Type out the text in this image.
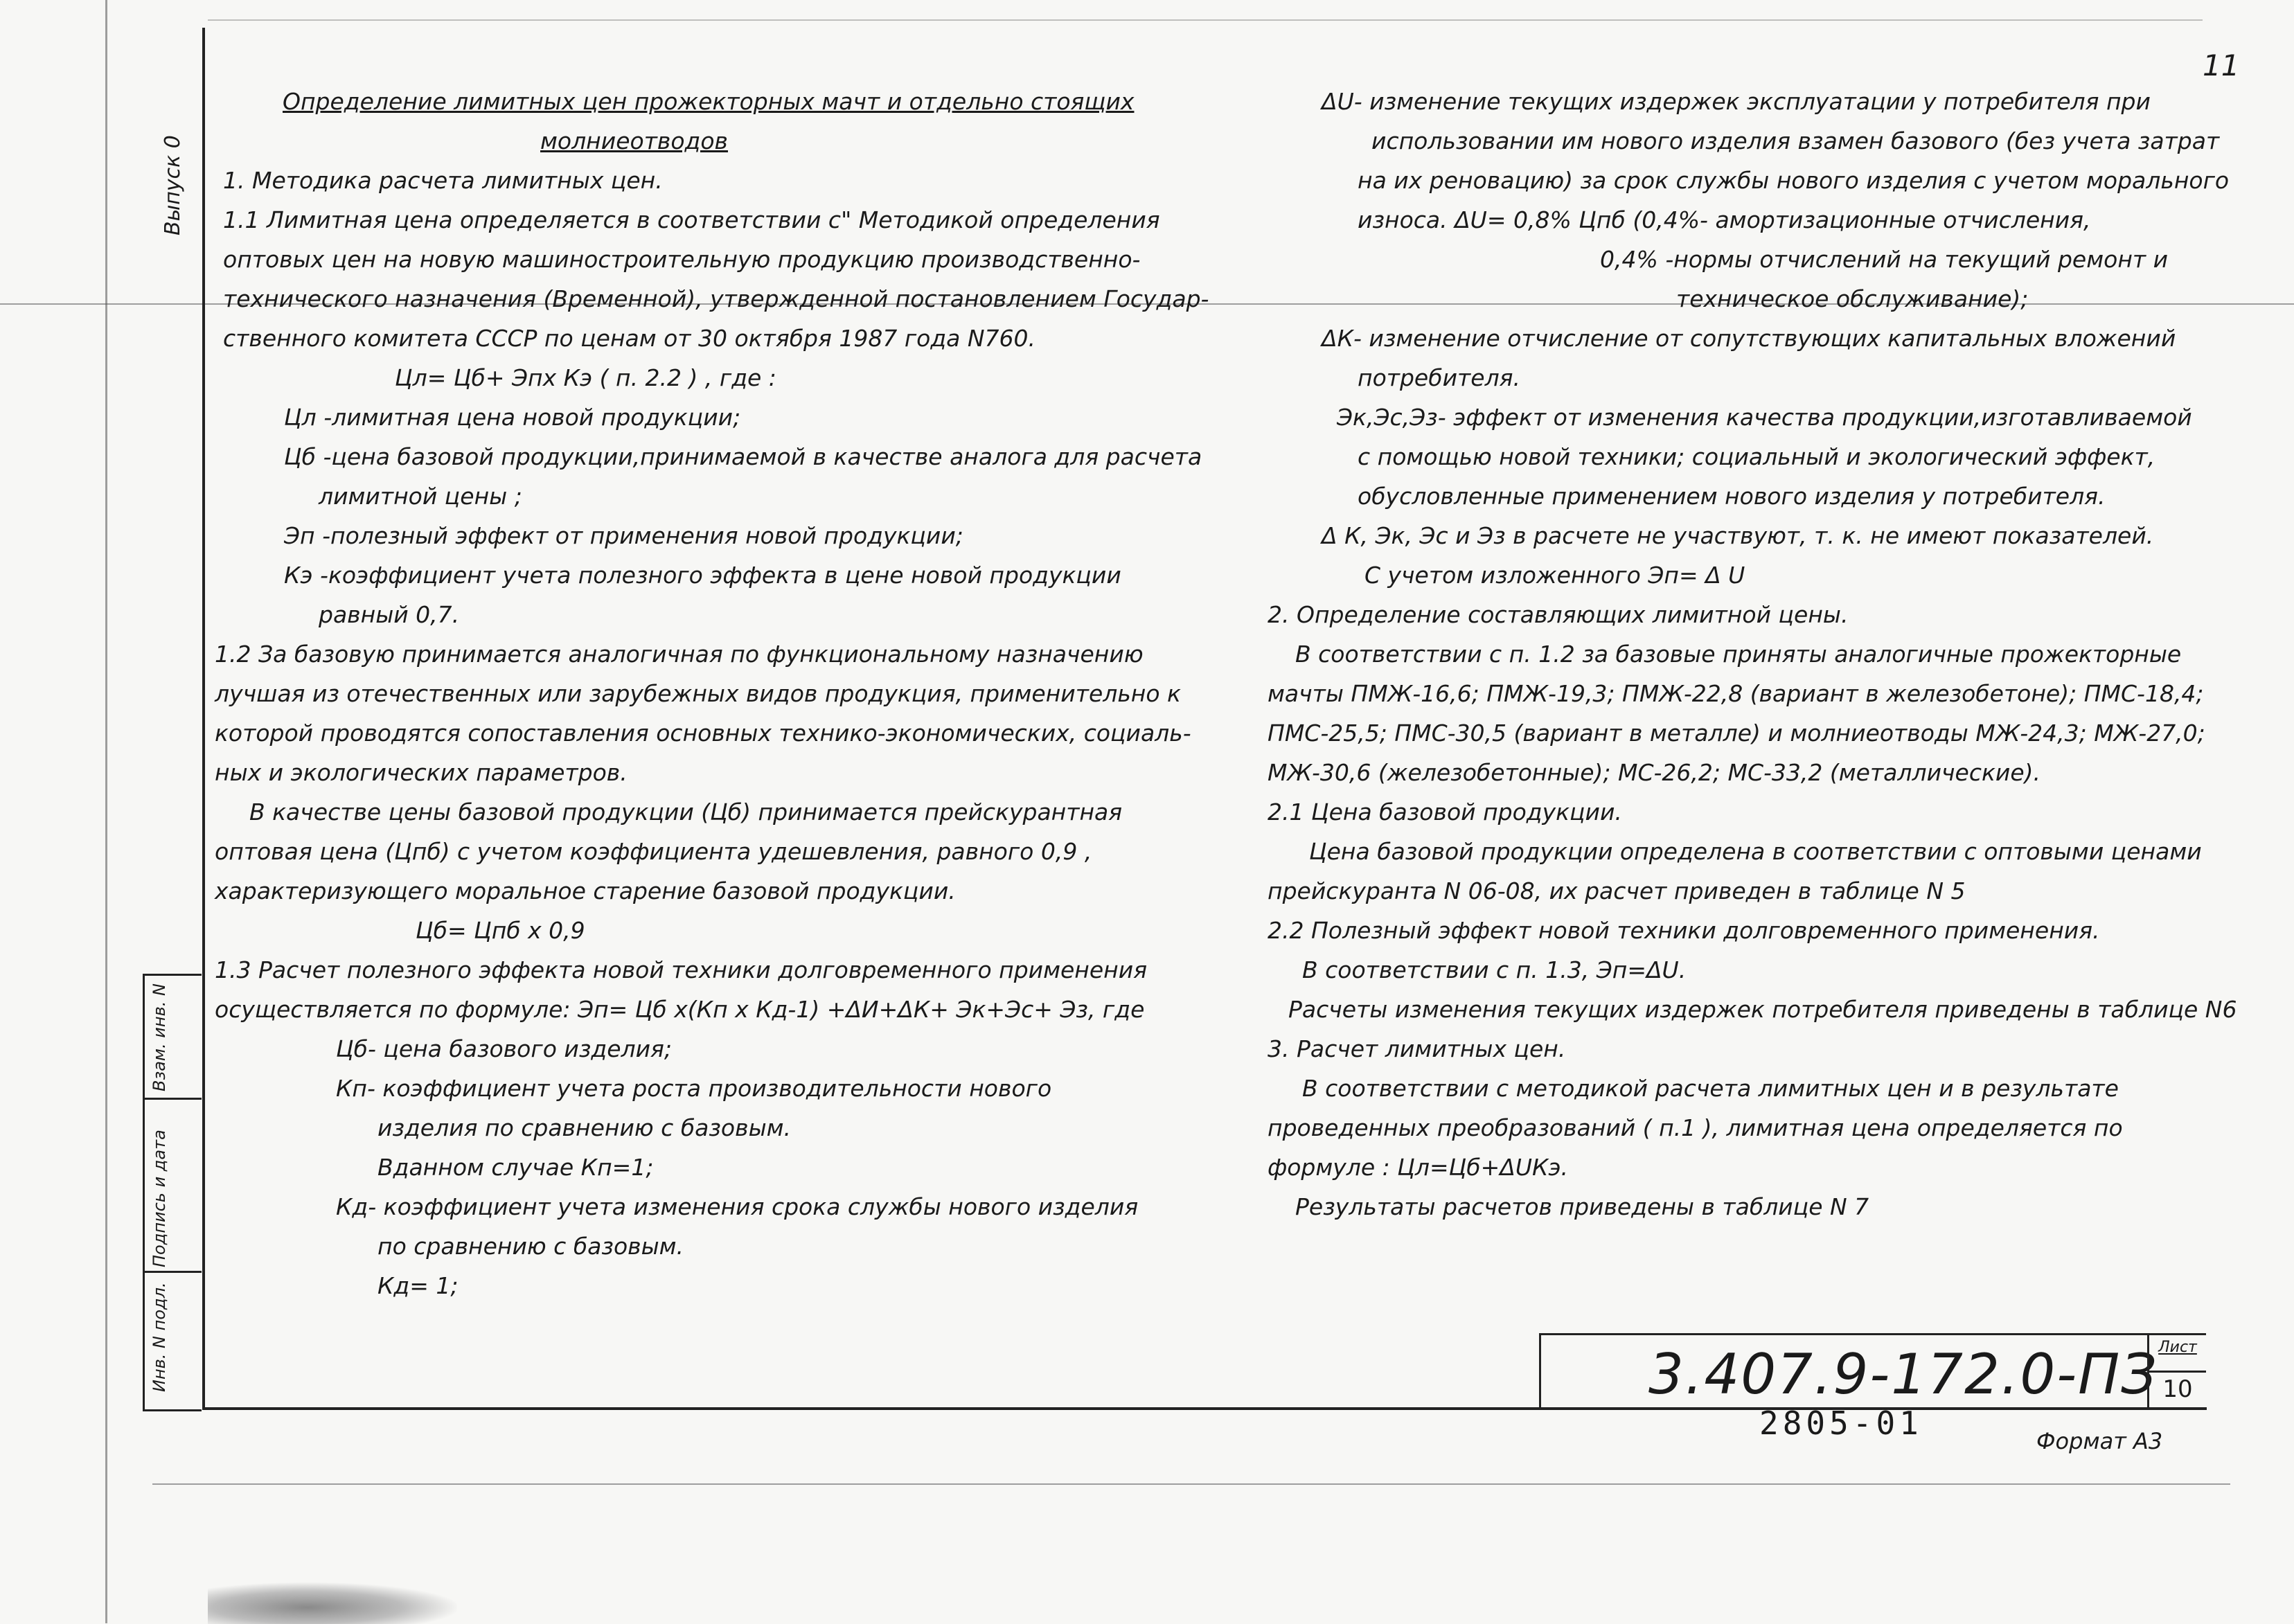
Выпуск 0
Взам. инв. N
Подпись и дата
Инв. N подл.
11

Определение лимитных цен прожекторных мачт и отдельно стоящих

молниеотводов

1. Методика расчета лимитных цен.

1.1 Лимитная цена определяется в соответствии с" Методикой определения

оптовых цен на новую машиностроительную продукцию производственно-

технического назначения (Временной), утвержденной постановлением Государ-

ственного комитета СССР по ценам от 30 октября 1987 года N760.

Цл= Цб+ Эпх Кэ ( п. 2.2 ) , где :

Цл -лимитная цена новой продукции;

Цб -цена базовой продукции,принимаемой в качестве аналога для расчета

лимитной цены ;

Эп -полезный эффект от применения новой продукции;

Кэ -коэффициент учета полезного эффекта в цене новой продукции

равный 0,7.

1.2 За базовую принимается аналогичная по функциональному назначению

лучшая из отечественных или зарубежных видов продукция, применительно к

которой проводятся сопоставления основных технико-экономических, социаль-

ных и экологических параметров.

В качестве цены базовой продукции (Цб) принимается прейскурантная

оптовая цена (Цпб) с учетом коэффициента удешевления, равного 0,9 ,

характеризующего моральное старение базовой продукции.

Цб= Цпб х 0,9

1.3 Расчет полезного эффекта новой техники долговременного применения

осуществляется по формуле: Эп= Цб х(Кп х Кд-1) +ΔИ+ΔК+ Эк+Эс+ Эз, где

Цб- цена базового изделия;

Кп- коэффициент учета роста производительности нового

изделия по сравнению с базовым.

Вданном случае Кп=1;

Кд- коэффициент учета изменения срока службы нового изделия

по сравнению с базовым.

Кд= 1;

ΔU- изменение текущих издержек эксплуатации у потребителя при

использовании им нового изделия взамен базового (без учета затрат

на их реновацию) за срок службы нового изделия с учетом морального

износа. ΔU= 0,8% Цпб (0,4%- амортизационные отчисления,

0,4% -нормы отчислений на текущий ремонт и

техническое обслуживание);

ΔК- изменение отчисление от сопутствующих капитальных вложений

потребителя.

Эк,Эс,Эз- эффект от изменения качества продукции,изготавливаемой

с помощью новой техники; социальный и экологический эффект,

обусловленные применением нового изделия у потребителя.

Δ К, Эк, Эс и Эз в расчете не участвуют, т. к. не имеют показателей.

С учетом изложенного Эп= Δ U

2. Определение составляющих лимитной цены.

В соответствии с п. 1.2 за базовые приняты аналогичные прожекторные

мачты ПМЖ-16,6; ПМЖ-19,3; ПМЖ-22,8 (вариант в железобетоне); ПМС-18,4;

ПМС-25,5; ПМС-30,5 (вариант в металле) и молниеотводы МЖ-24,3; МЖ-27,0;

МЖ-30,6 (железобетонные); МС-26,2; МС-33,2 (металлические).

2.1 Цена базовой продукции.

Цена базовой продукции определена в соответствии с оптовыми ценами

прейскуранта N 06-08, их расчет приведен в таблице N 5

2.2 Полезный эффект новой техники долговременного применения.

В соответствии с п. 1.3, Эп=ΔU.

Расчеты изменения текущих издержек потребителя приведены в таблице N6

3. Расчет лимитных цен.

В соответствии с методикой расчета лимитных цен и в результате

проведенных преобразований ( п.1 ), лимитная цена определяется по

формуле : Цл=Цб+ΔUКэ.

Результаты расчетов приведены в таблице N 7

3.407.9-172.0-ПЗ Лист
10
2805-01	Формат А3
